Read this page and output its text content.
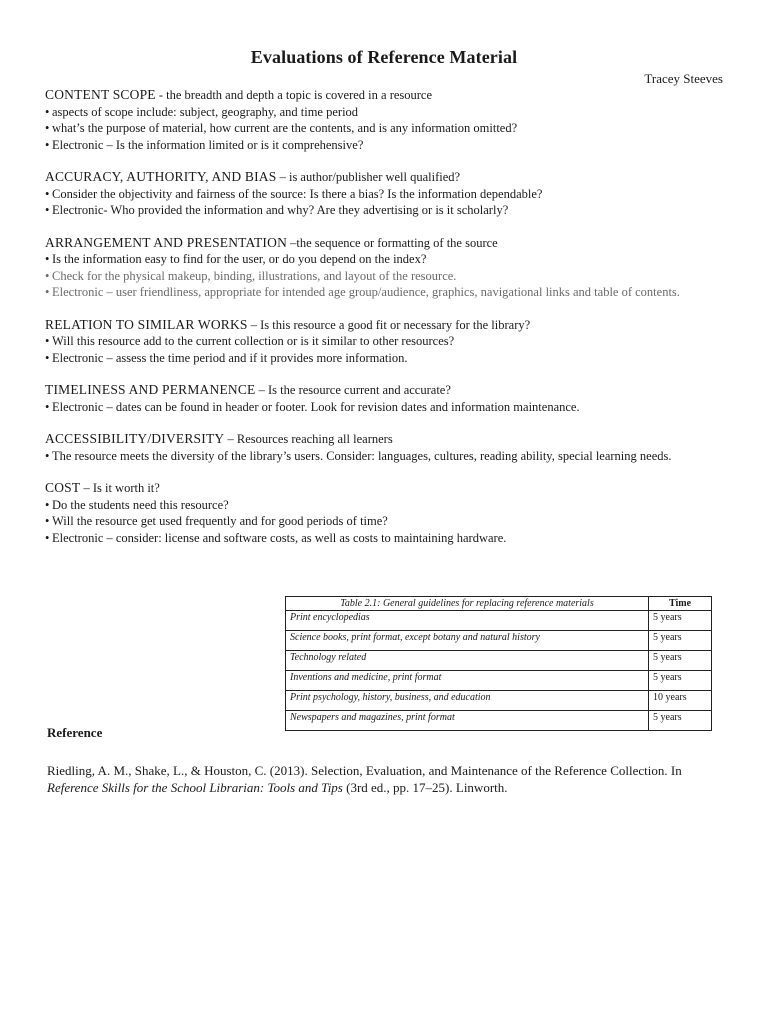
Evaluations of Reference Material
Tracey Steeves
CONTENT SCOPE - the breadth and depth a topic is covered in a resource
• aspects of scope include: subject, geography, and time period
• what’s the purpose of material, how current are the contents, and is any information omitted?
• Electronic – Is the information limited or is it comprehensive?
ACCURACY, AUTHORITY, AND BIAS – is author/publisher well qualified?
• Consider the objectivity and fairness of the source: Is there a bias? Is the information dependable?
• Electronic- Who provided the information and why? Are they advertising or is it scholarly?
ARRANGEMENT AND PRESENTATION –the sequence or formatting of the source
• Is the information easy to find for the user, or do you depend on the index?
• Check for the physical makeup, binding, illustrations, and layout of the resource.
• Electronic – user friendliness, appropriate for intended age group/audience, graphics, navigational links and table of contents.
RELATION TO SIMILAR WORKS – Is this resource a good fit or necessary for the library?
• Will this resource add to the current collection or is it similar to other resources?
• Electronic – assess the time period and if it provides more information.
TIMELINESS AND PERMANENCE – Is the resource current and accurate?
• Electronic – dates can be found in header or footer. Look for revision dates and information maintenance.
ACCESSIBILITY/DIVERSITY – Resources reaching all learners
• The resource meets the diversity of the library’s users. Consider: languages, cultures, reading ability, special learning needs.
COST – Is it worth it?
• Do the students need this resource?
• Will the resource get used frequently and for good periods of time?
• Electronic – consider: license and software costs, as well as costs to maintaining hardware.
Table 2.1: General guidelines for replacing reference materials	Time
Print encyclopedias	5 years
Science books, print format, except botany and natural history	5 years
Technology related	5 years
Inventions and medicine, print format	5 years
Print psychology, history, business, and education	10 years
Newspapers and magazines, print format	5 years
Reference
Riedling, A. M., Shake, L., & Houston, C. (2013). Selection, Evaluation, and Maintenance of the Reference Collection. In Reference Skills for the School Librarian: Tools and Tips (3rd ed., pp. 17–25). Linworth.
